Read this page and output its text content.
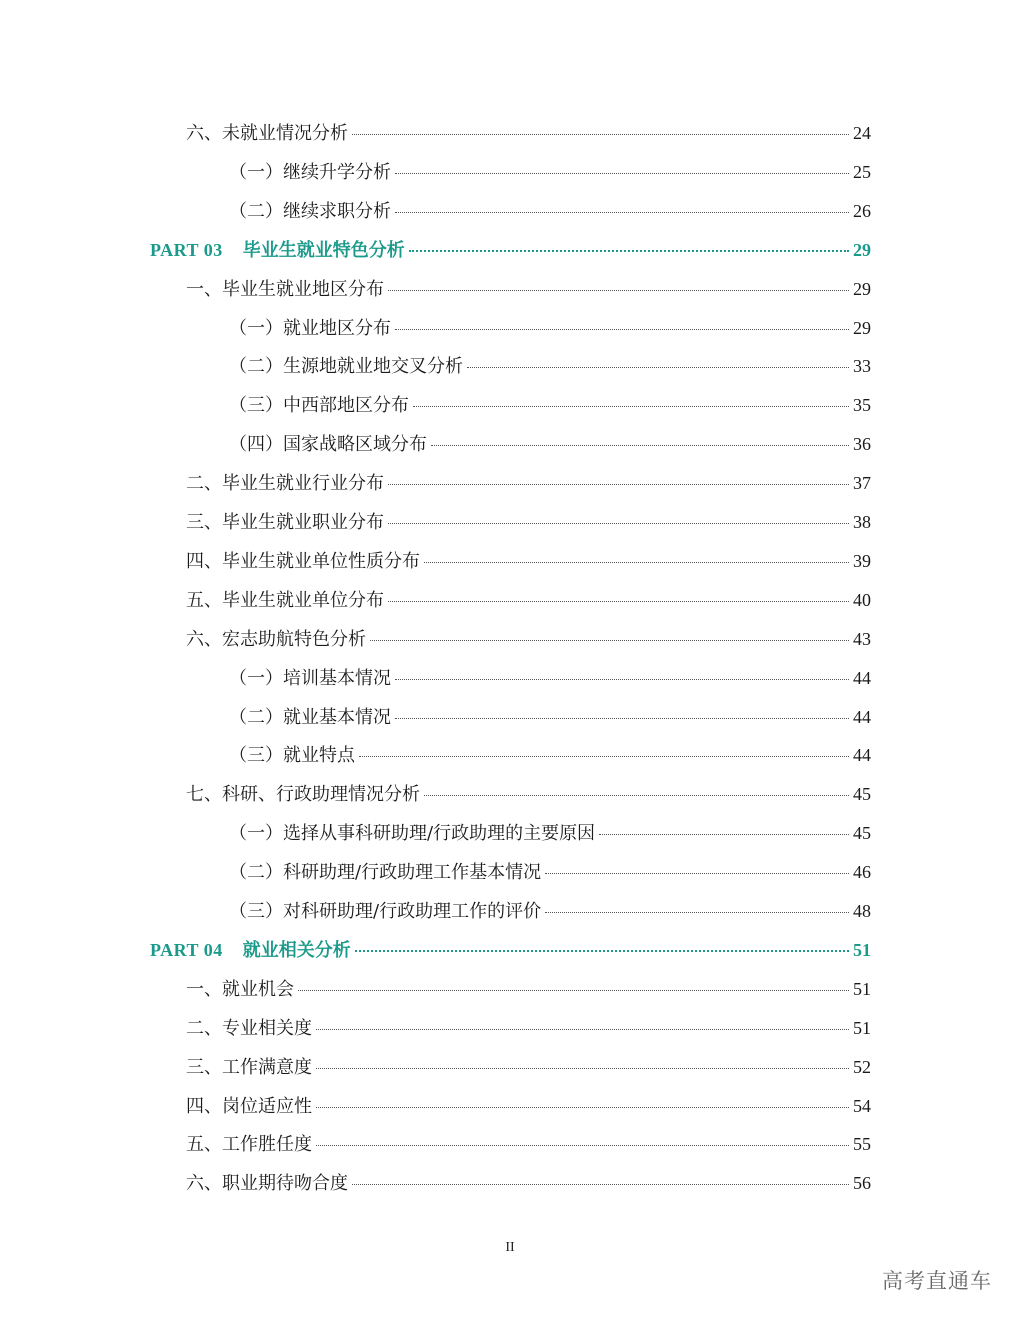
六、未就业情况分析	24
（一）继续升学分析	25
（二）继续求职分析	26
PART 03 毕业生就业特色分析	29
一、毕业生就业地区分布	29
（一）就业地区分布	29
（二）生源地就业地交叉分析	33
（三）中西部地区分布	35
（四）国家战略区域分布	36
二、毕业生就业行业分布	37
三、毕业生就业职业分布	38
四、毕业生就业单位性质分布	39
五、毕业生就业单位分布	40
六、宏志助航特色分析	43
（一）培训基本情况	44
（二）就业基本情况	44
（三）就业特点	44
七、科研、行政助理情况分析	45
（一）选择从事科研助理/行政助理的主要原因	45
（二）科研助理/行政助理工作基本情况	46
（三）对科研助理/行政助理工作的评价	48
PART 04 就业相关分析	51
一、就业机会	51
二、专业相关度	51
三、工作满意度	52
四、岗位适应性	54
五、工作胜任度	55
六、职业期待吻合度	56
II
高考直通车
